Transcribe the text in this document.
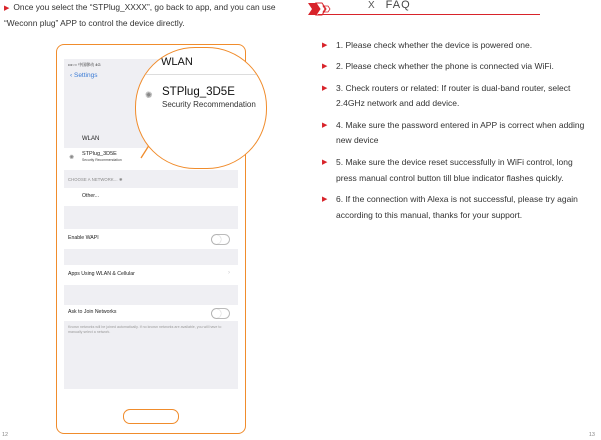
▶ Once you select the “STPlug_XXXX”, go back to app, and you can use “Weconn plug” APP to control the device directly.
•••○○ 中国移动 4G
‹ Settings
WLAN
✺
STPlug_3D5E
Security Recommendation
CHOOSE A NETWORK... ✺
Other...
Enable WAPI
Apps Using WLAN & Cellular	›
Ask to Join Networks
Known networks will be joined automatically. If no known networks are available, you will have to manually select a network.
WLAN
✺ STPlug_3D5E
Security Recommendation
12
X FAQ
▶ 1. Please check whether the device is powered one.
▶ 2. Please check whether the phone is connected via WiFi.
▶ 3. Check routers or related: If router is dual-band router, select 2.4GHz network and add device.
▶ 4. Make sure the password entered in APP is correct when adding new device
▶ 5. Make sure the device reset successfully in WiFi control, long press manual control button till blue indicator flashes quickly.
▶ 6. If the connection with Alexa is not successful, please try again according to this manual, thanks for your support.
13
